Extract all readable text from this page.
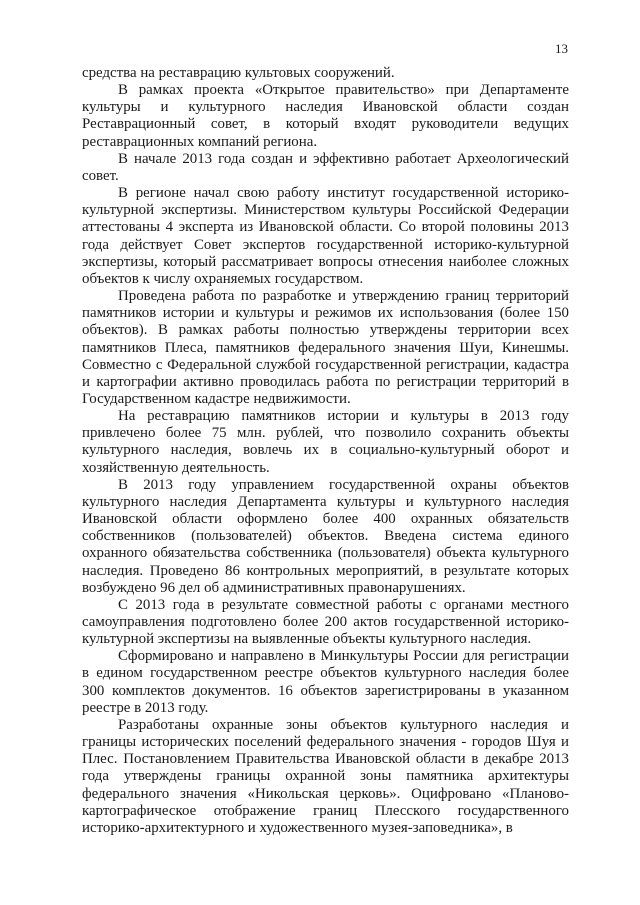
13

средства на реставрацию культовых сооружений.

В рамках проекта «Открытое правительство» при Департаменте культуры и культурного наследия Ивановской области создан Реставрационный совет, в который входят руководители ведущих реставрационных компаний региона.

В начале 2013 года создан и эффективно работает Археологический совет.

В регионе начал свою работу институт государственной историко-культурной экспертизы. Министерством культуры Российской Федерации аттестованы 4 эксперта из Ивановской области. Со второй половины 2013 года действует Совет экспертов государственной историко-культурной экспертизы, который рассматривает вопросы отнесения наиболее сложных объектов к числу охраняемых государством.

Проведена работа по разработке и утверждению границ территорий памятников истории и культуры и режимов их использования (более 150 объектов). В рамках работы полностью утверждены территории всех памятников Плеса, памятников федерального значения Шуи, Кинешмы. Совместно с Федеральной службой государственной регистрации, кадастра и картографии активно проводилась работа по регистрации территорий в Государственном кадастре недвижимости.

На реставрацию памятников истории и культуры в 2013 году привлечено более 75 млн. рублей, что позволило сохранить объекты культурного наследия, вовлечь их в социально-культурный оборот и хозяйственную деятельность.

В 2013 году управлением государственной охраны объектов культурного наследия Департамента культуры и культурного наследия Ивановской области оформлено более 400 охранных обязательств собственников (пользователей) объектов. Введена система единого охранного обязательства собственника (пользователя) объекта культурного наследия. Проведено 86 контрольных мероприятий, в результате которых возбуждено 96 дел об административных правонарушениях.

С 2013 года в результате совместной работы с органами местного самоуправления подготовлено более 200 актов государственной историко-культурной экспертизы на выявленные объекты культурного наследия.

Сформировано и направлено в Минкультуры России для регистрации в едином государственном реестре объектов культурного наследия более 300 комплектов документов. 16 объектов зарегистрированы в указанном реестре в 2013 году.

Разработаны охранные зоны объектов культурного наследия и границы исторических поселений федерального значения - городов Шуя и Плес. Постановлением Правительства Ивановской области в декабре 2013 года утверждены границы охранной зоны памятника архитектуры федерального значения «Никольская церковь». Оцифровано «Планово-картографическое отображение границ Плесского государственного историко-архитектурного и художественного музея-заповедника», в
